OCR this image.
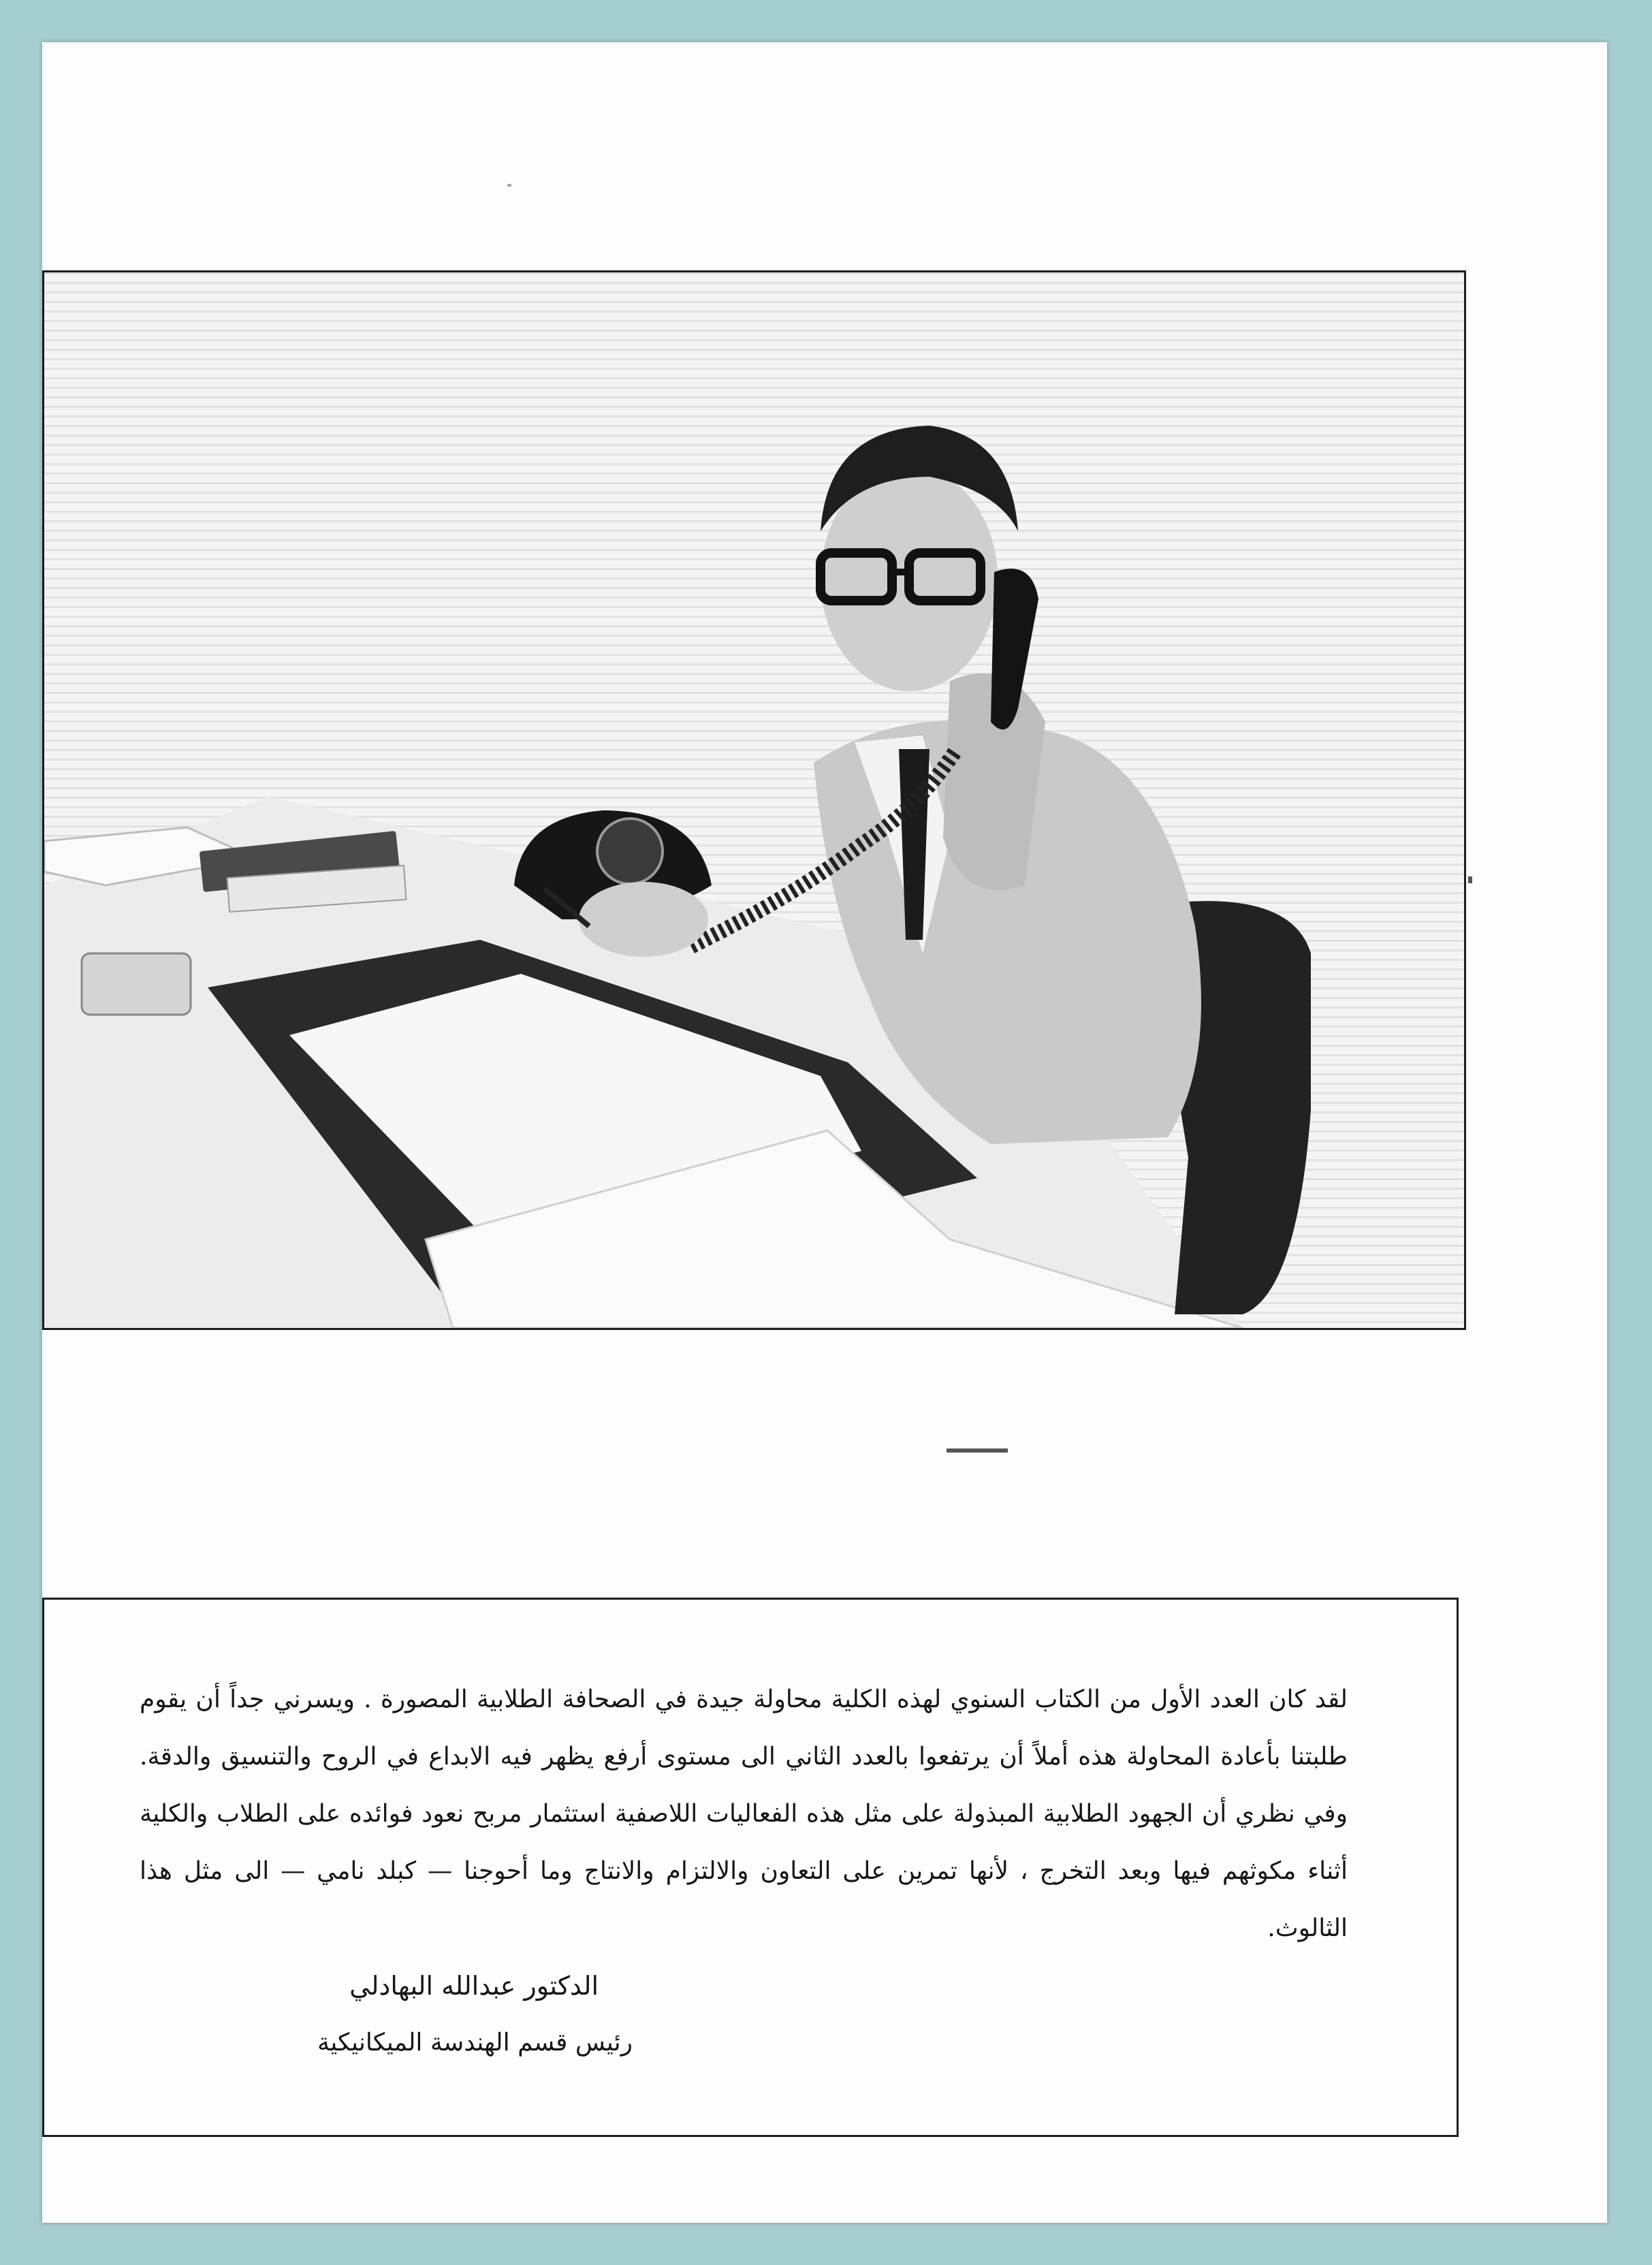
لقد كان العدد الأول من الكتاب السنوي لهذه الكلية محاولة جيدة في الصحافة الطلابية المصورة . ويسرني جداً أن يقوم طلبتنا بأعادة المحاولة هذه أملاً أن يرتفعوا بالعدد الثاني الى مستوى أرفع يظهر فيه الابداع في الروح والتنسيق والدقة. وفي نظري أن الجهود الطلابية المبذولة على مثل هذه الفعاليات اللاصفية استثمار مربح نعود فوائده على الطلاب والكلية أثناء مكوثهم فيها وبعد التخرج ، لأنها تمرين على التعاون والالتزام والانتاج وما أحوجنا — كبلد نامي — الى مثل هذا الثالوث.

الدكتور عبدالله البهادلي

رئيس قسم الهندسة الميكانيكية
